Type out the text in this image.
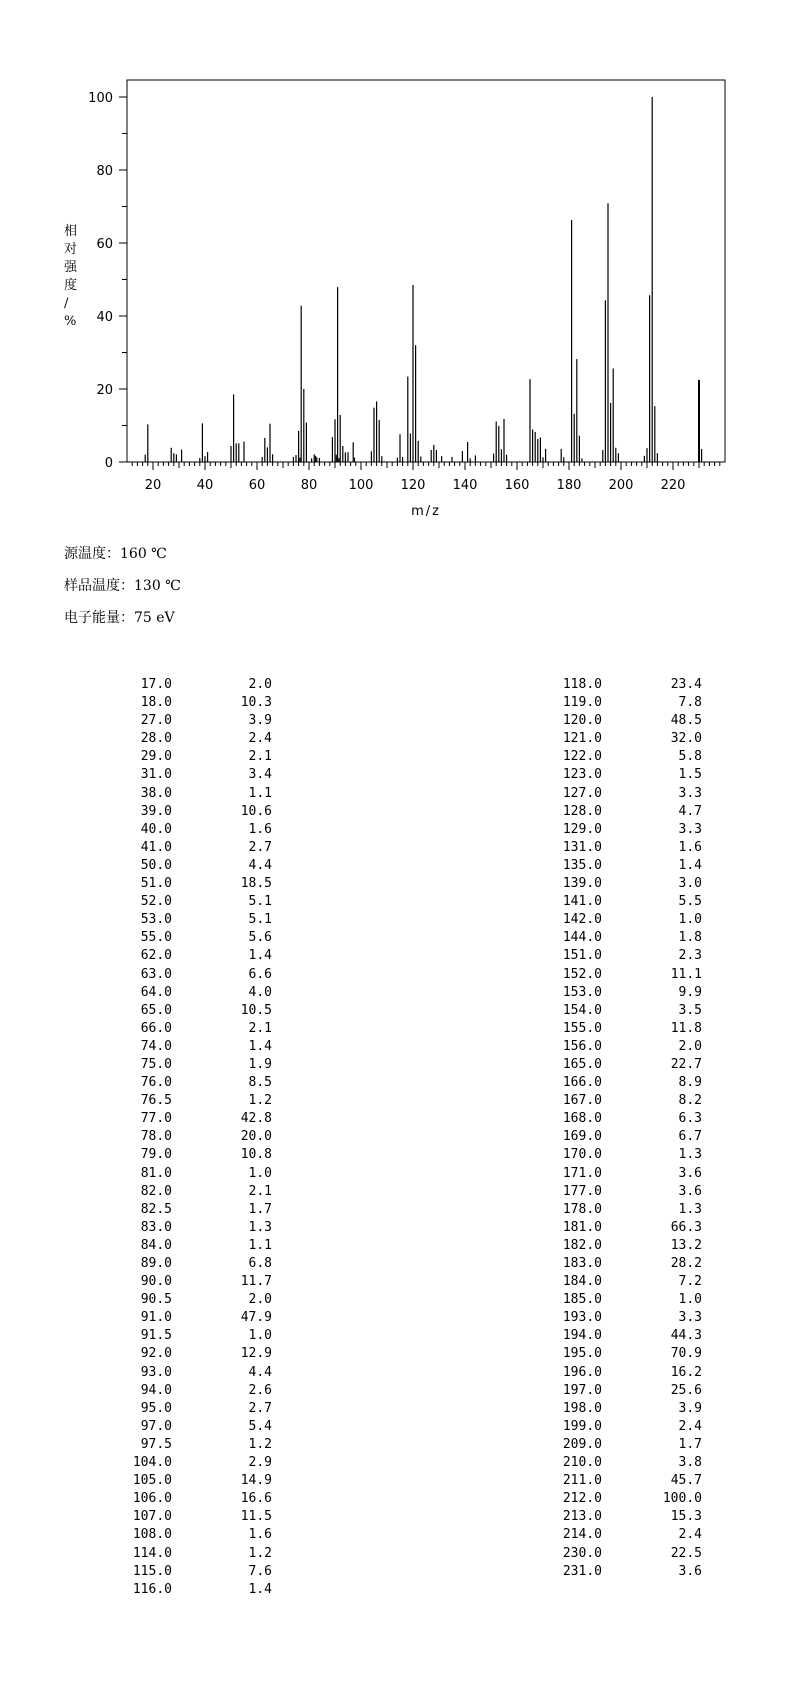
0
20
40
60
80
100
20	40	60	80 100 120 140 160 180 200 220
相对强度/ %
m/z
源温度：160 ℃
样品温度：130 ℃
电子能量：75 eV
17.0	2.0
18.0	10.3
27.0	3.9
28.0	2.4
29.0	2.1
31.0	3.4
38.0	1.1
39.0	10.6
40.0	1.6
41.0	2.7
50.0	4.4
51.0	18.5
52.0	5.1
53.0	5.1
55.0	5.6
62.0	1.4
63.0	6.6
64.0	4.0
65.0	10.5
66.0	2.1
74.0	1.4
75.0	1.9
76.0	8.5
76.5	1.2
77.0	42.8
78.0	20.0
79.0	10.8
81.0	1.0
82.0	2.1
82.5	1.7
83.0	1.3
84.0	1.1
89.0	6.8
90.0	11.7
90.5	2.0
91.0	47.9
91.5	1.0
92.0	12.9
93.0	4.4
94.0	2.6
95.0	2.7
97.0	5.4
97.5	1.2
104.0	2.9
105.0	14.9
106.0	16.6
107.0	11.5
108.0	1.6
114.0	1.2
115.0	7.6
116.0	1.4
118.0	23.4
119.0	7.8
120.0	48.5
121.0	32.0
122.0	5.8
123.0	1.5
127.0	3.3
128.0	4.7
129.0	3.3
131.0	1.6
135.0	1.4
139.0	3.0
141.0	5.5
142.0	1.0
144.0	1.8
151.0	2.3
152.0	11.1
153.0	9.9
154.0	3.5
155.0	11.8
156.0	2.0
165.0	22.7
166.0	8.9
167.0	8.2
168.0	6.3
169.0	6.7
170.0	1.3
171.0	3.6
177.0	3.6
178.0	1.3
181.0	66.3
182.0	13.2
183.0	28.2
184.0	7.2
185.0	1.0
193.0	3.3
194.0	44.3
195.0	70.9
196.0	16.2
197.0	25.6
198.0	3.9
199.0	2.4
209.0	1.7
210.0	3.8
211.0	45.7
212.0	100.0
213.0	15.3
214.0	2.4
230.0	22.5
231.0	3.6
